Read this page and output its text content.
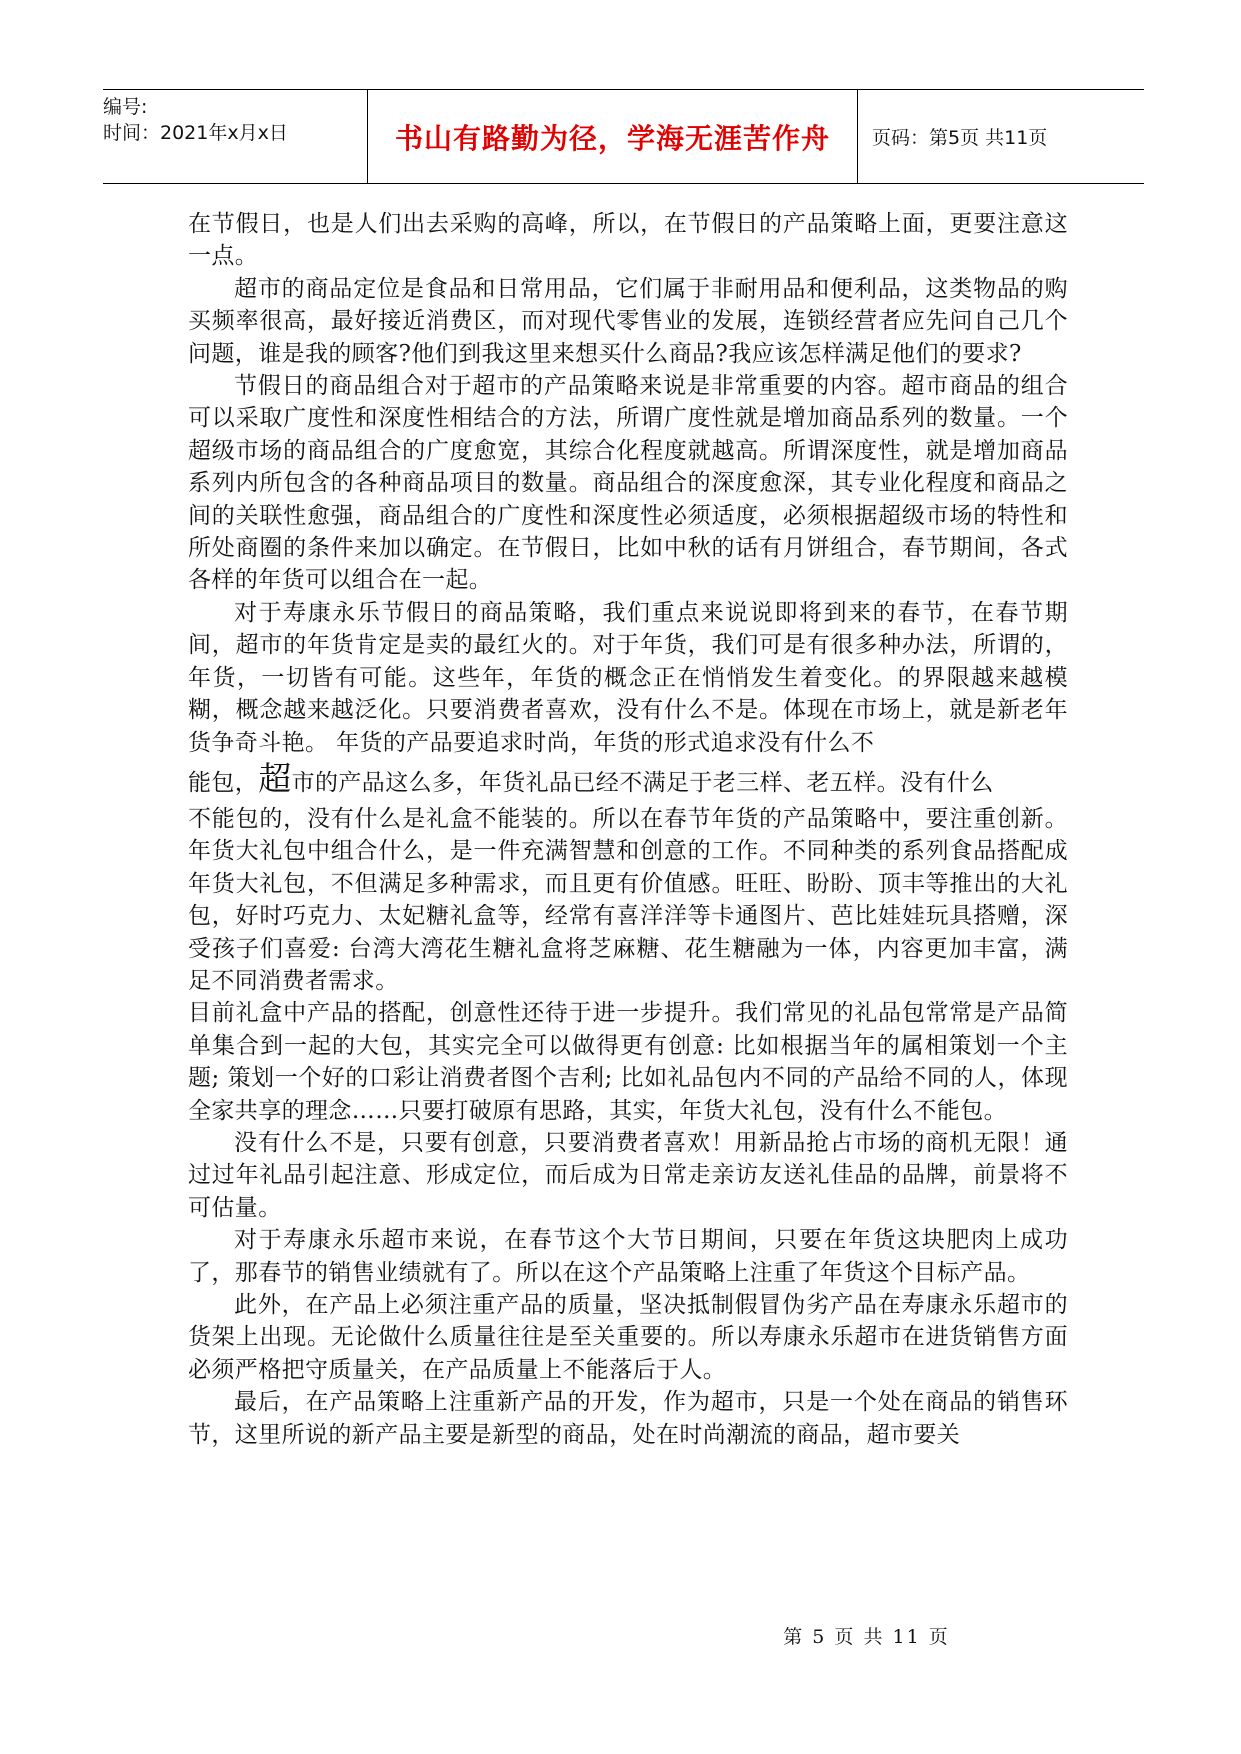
编号:
时间：2021年x月x日	书山有路勤为径，学海无涯苦作舟	页码：第5页 共11页

在节假日，也是人们出去采购的高峰，所以，在节假日的产品策略上面，更要注意这一点。

超市的商品定位是食品和日常用品，它们属于非耐用品和便利品，这类物品的购买频率很高，最好接近消费区，而对现代零售业的发展，连锁经营者应先问自己几个问题，谁是我的顾客?他们到我这里来想买什么商品?我应该怎样满足他们的要求?

节假日的商品组合对于超市的产品策略来说是非常重要的内容。超市商品的组合可以采取广度性和深度性相结合的方法，所谓广度性就是增加商品系列的数量。一个超级市场的商品组合的广度愈宽，其综合化程度就越高。所谓深度性，就是增加商品系列内所包含的各种商品项目的数量。商品组合的深度愈深，其专业化程度和商品之间的关联性愈强，商品组合的广度性和深度性必须适度，必须根据超级市场的特性和所处商圈的条件来加以确定。在节假日，比如中秋的话有月饼组合，春节期间，各式各样的年货可以组合在一起。

对于寿康永乐节假日的商品策略，我们重点来说说即将到来的春节，在春节期间，超市的年货肯定是卖的最红火的。对于年货，我们可是有很多种办法，所谓的，年货，一切皆有可能。这些年，年货的概念正在悄悄发生着变化。的界限越来越模糊，概念越来越泛化。只要消费者喜欢，没有什么不是。体现在市场上，就是新老年货争奇斗艳。 年货的产品要追求时尚，年货的形式追求没有什么不

能包，超市的产品这么多，年货礼品已经不满足于老三样、老五样。没有什么

不能包的，没有什么是礼盒不能装的。所以在春节年货的产品策略中，要注重创新。年货大礼包中组合什么，是一件充满智慧和创意的工作。不同种类的系列食品搭配成年货大礼包，不但满足多种需求，而且更有价值感。旺旺、盼盼、顶丰等推出的大礼包，好时巧克力、太妃糖礼盒等，经常有喜洋洋等卡通图片、芭比娃娃玩具搭赠，深受孩子们喜爱: 台湾大湾花生糖礼盒将芝麻糖、花生糖融为一体，内容更加丰富，满足不同消费者需求。

目前礼盒中产品的搭配，创意性还待于进一步提升。我们常见的礼品包常常是产品简单集合到一起的大包，其实完全可以做得更有创意: 比如根据当年的属相策划一个主题; 策划一个好的口彩让消费者图个吉利; 比如礼品包内不同的产品给不同的人，体现全家共享的理念……只要打破原有思路，其实，年货大礼包，没有什么不能包。

没有什么不是，只要有创意，只要消费者喜欢！用新品抢占市场的商机无限！通过过年礼品引起注意、形成定位，而后成为日常走亲访友送礼佳品的品牌，前景将不可估量。

对于寿康永乐超市来说，在春节这个大节日期间，只要在年货这块肥肉上成功了，那春节的销售业绩就有了。所以在这个产品策略上注重了年货这个目标产品。

此外，在产品上必须注重产品的质量，坚决抵制假冒伪劣产品在寿康永乐超市的货架上出现。无论做什么质量往往是至关重要的。所以寿康永乐超市在进货销售方面必须严格把守质量关，在产品质量上不能落后于人。

最后，在产品策略上注重新产品的开发，作为超市，只是一个处在商品的销售环节，这里所说的新产品主要是新型的商品，处在时尚潮流的商品，超市要关

第 5 页 共 11 页
